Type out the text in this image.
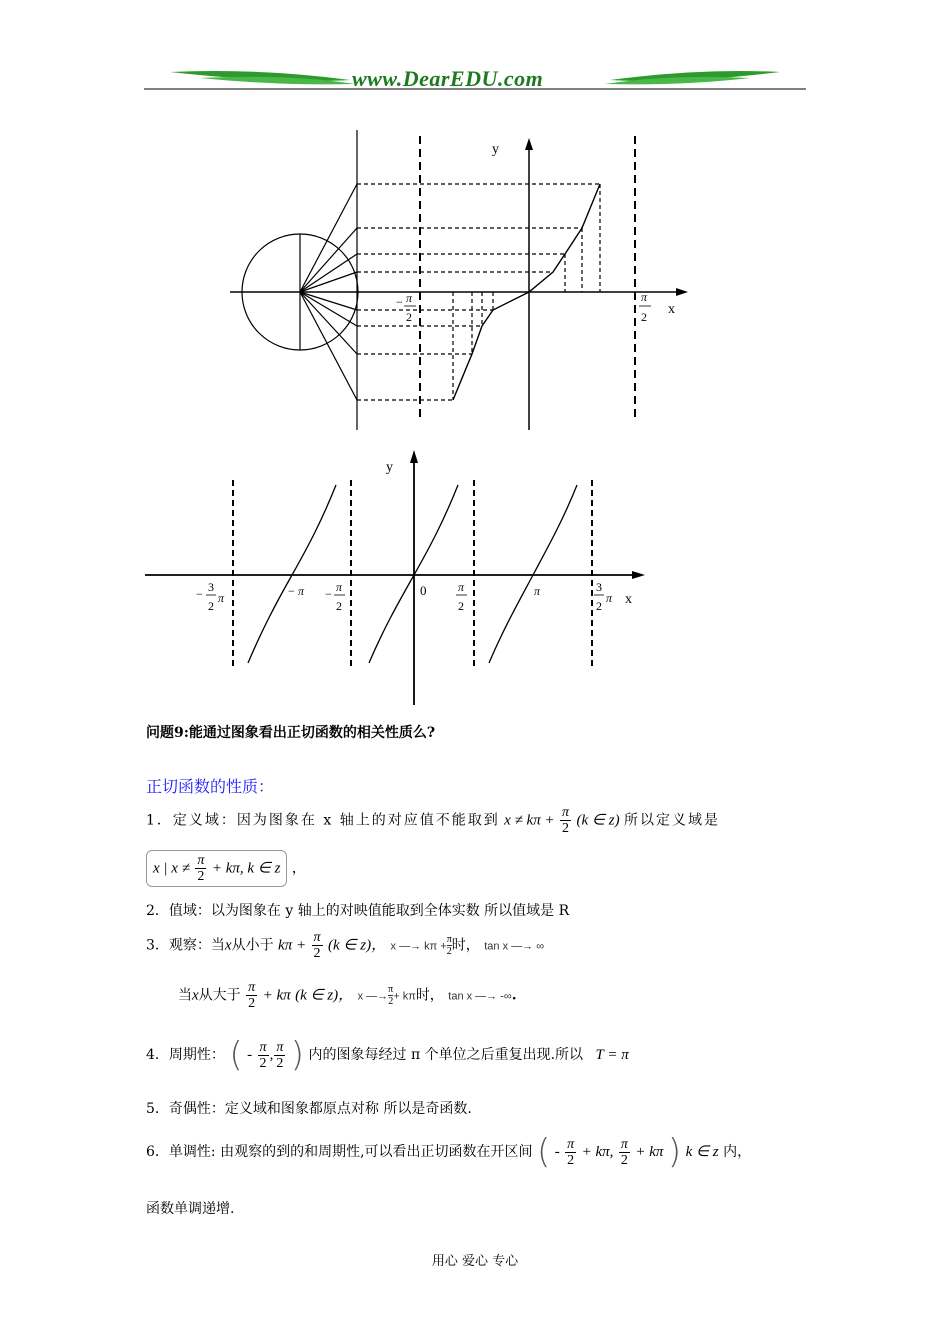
www.DearEDU.com
y
x
− π
2
π
2
y
x
0
− 3
2
π	− π − π
2
π
2
π	3
2
π
问题9:能通过图象看出正切函数的相关性质么?
正切函数的性质：
1．定义域：因为图象在 x 轴上的对应值不能取到 $x \ne k\pi + \frac{\pi}{2} (k$ ∈ z) 所以定义域是
x | $x \ne \frac{\pi}{2} + k\pi$, k ∈ z ，
2．值域：以为图象在 y 轴上的对映值能取到全体实数 所以值域是 R
3．观察：当x从小于 $k\pi + \frac{\pi}{2} (k$ ∈ z)， x —→ $k\pi + \frac{\pi}{2}$ 时， tan x —→ ∞
当x从大于 $\frac{\pi}{2} + k\pi$ (k ∈ z)， x —→ $\frac{\pi}{2} + k\pi$时， tan x —→ -∞.
4．周期性： ( - $\frac{\pi}{2}$ , $\frac{\pi}{2}$ ) 内的图象每经过 π 个单位之后重复出现.所以 T = π
5．奇偶性：定义域和图象都原点对称 所以是奇函数.
6．单调性: 由观察的到的和周期性,可以看出正切函数在开区间 ( - $\frac{\pi}{2} + k\pi$, $\frac{\pi}{2} + k\pi$ ) k ∈ z 内，
函数单调递增.
用心 爱心 专心
